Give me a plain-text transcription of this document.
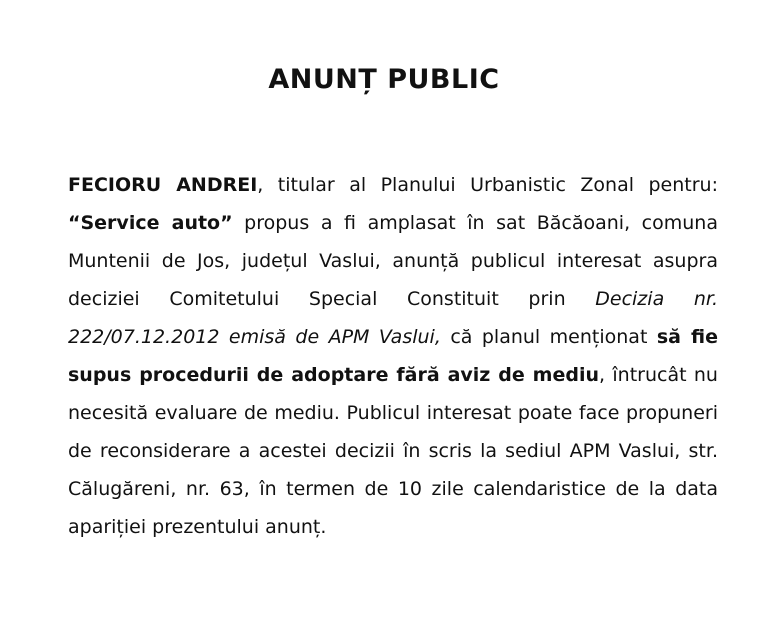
ANUNȚ PUBLIC

FECIORU ANDREI, titular al Planului Urbanistic Zonal pentru: “Service auto” propus a fi amplasat în sat Băcăoani, comuna Muntenii de Jos, județul Vaslui, anunță publicul interesat asupra deciziei Comitetului Special Constituit prin Decizia nr. 222/07.12.2012 emisă de APM Vaslui, că planul menționat să fie supus procedurii de adoptare fără aviz de mediu, întrucât nu necesită evaluare de mediu. Publicul interesat poate face propuneri de reconsiderare a acestei decizii în scris la sediul APM Vaslui, str. Călugăreni, nr. 63, în termen de 10 zile calendaristice de la data apariției prezentului anunț.
